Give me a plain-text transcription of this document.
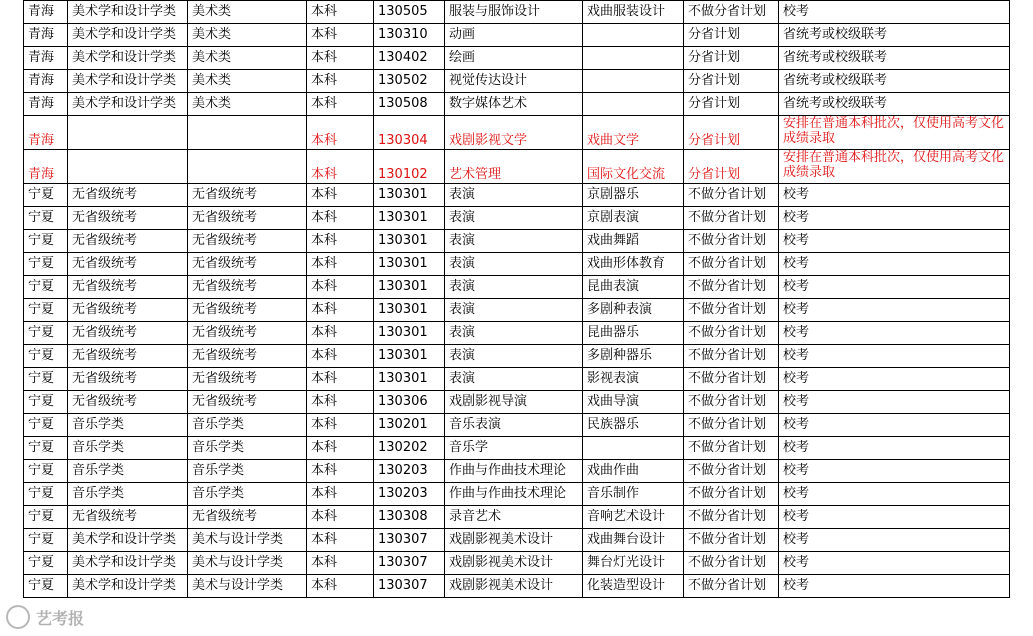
青海	美术学和设计学类	美术类	本科	130505	服装与服饰设计	戏曲服装设计	不做分省计划	校考
青海	美术学和设计学类	美术类	本科	130310	动画		分省计划	省统考或校级联考
青海	美术学和设计学类	美术类	本科	130402	绘画		分省计划	省统考或校级联考
青海	美术学和设计学类	美术类	本科	130502	视觉传达设计		分省计划	省统考或校级联考
青海	美术学和设计学类	美术类	本科	130508	数字媒体艺术		分省计划	省统考或校级联考
青海			本科	130304	戏剧影视文学	戏曲文学	分省计划	安排在普通本科批次，仅使用高考文化成绩录取
青海			本科	130102	艺术管理	国际文化交流	分省计划	安排在普通本科批次，仅使用高考文化成绩录取
宁夏	无省级统考	无省级统考	本科	130301	表演	京剧器乐	不做分省计划	校考
宁夏	无省级统考	无省级统考	本科	130301	表演	京剧表演	不做分省计划	校考
宁夏	无省级统考	无省级统考	本科	130301	表演	戏曲舞蹈	不做分省计划	校考
宁夏	无省级统考	无省级统考	本科	130301	表演	戏曲形体教育	不做分省计划	校考
宁夏	无省级统考	无省级统考	本科	130301	表演	昆曲表演	不做分省计划	校考
宁夏	无省级统考	无省级统考	本科	130301	表演	多剧种表演	不做分省计划	校考
宁夏	无省级统考	无省级统考	本科	130301	表演	昆曲器乐	不做分省计划	校考
宁夏	无省级统考	无省级统考	本科	130301	表演	多剧种器乐	不做分省计划	校考
宁夏	无省级统考	无省级统考	本科	130301	表演	影视表演	不做分省计划	校考
宁夏	无省级统考	无省级统考	本科	130306	戏剧影视导演	戏曲导演	不做分省计划	校考
宁夏	音乐学类	音乐学类	本科	130201	音乐表演	民族器乐	不做分省计划	校考
宁夏	音乐学类	音乐学类	本科	130202	音乐学		不做分省计划	校考
宁夏	音乐学类	音乐学类	本科	130203	作曲与作曲技术理论	戏曲作曲	不做分省计划	校考
宁夏	音乐学类	音乐学类	本科	130203	作曲与作曲技术理论	音乐制作	不做分省计划	校考
宁夏	无省级统考	无省级统考	本科	130308	录音艺术	音响艺术设计	不做分省计划	校考
宁夏	美术学和设计学类	美术与设计学类	本科	130307	戏剧影视美术设计	戏曲舞台设计	不做分省计划	校考
宁夏	美术学和设计学类	美术与设计学类	本科	130307	戏剧影视美术设计	舞台灯光设计	不做分省计划	校考
宁夏	美术学和设计学类	美术与设计学类	本科	130307	戏剧影视美术设计	化装造型设计	不做分省计划	校考
艺考报
